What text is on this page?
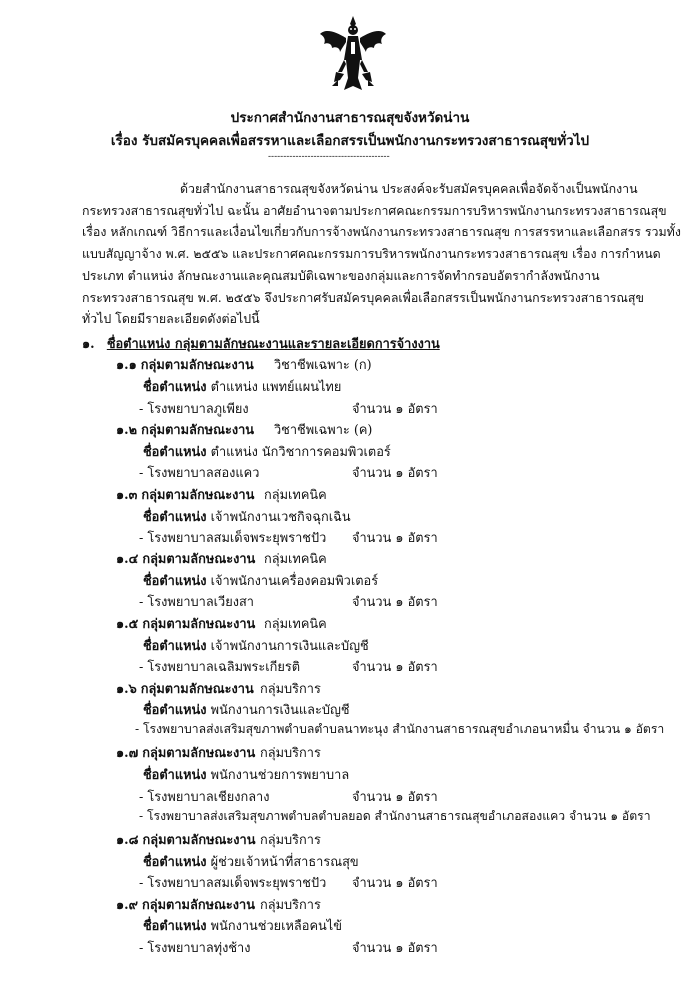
ประกาศสำนักงานสาธารณสุขจังหวัดน่าน
เรื่อง รับสมัครบุคคลเพื่อสรรหาและเลือกสรรเป็นพนักงานกระทรวงสาธารณสุขทั่วไป
----------------------------------------

ด้วยสำนักงานสาธารณสุขจังหวัดน่าน ประสงค์จะรับสมัครบุคคลเพื่อจัดจ้างเป็นพนักงาน

กระทรวงสาธารณสุขทั่วไป ฉะนั้น อาศัยอำนาจตามประกาศคณะกรรมการบริหารพนักงานกระทรวงสาธารณสุข

เรื่อง หลักเกณฑ์ วิธีการและเงื่อนไขเกี่ยวกับการจ้างพนักงานกระทรวงสาธารณสุข การสรรหาและเลือกสรร รวมทั้ง

แบบสัญญาจ้าง พ.ศ. ๒๕๕๖ และประกาศคณะกรรมการบริหารพนักงานกระทรวงสาธารณสุข เรื่อง การกำหนด

ประเภท ตำแหน่ง ลักษณะงานและคุณสมบัติเฉพาะของกลุ่มและการจัดทำกรอบอัตรากำลังพนักงาน

กระทรวงสาธารณสุข พ.ศ. ๒๕๕๖ จึงประกาศรับสมัครบุคคลเพื่อเลือกสรรเป็นพนักงานกระทรวงสาธารณสุข

ทั่วไป โดยมีรายละเอียดดังต่อไปนี้

๑. ชื่อตำแหน่ง กลุ่มตามลักษณะงานและรายละเอียดการจ้างงาน
๑.๑ กลุ่มตามลักษณะงาน วิชาชีพเฉพาะ (ก)
ชื่อตำแหน่ง ตำแหน่ง แพทย์แผนไทย
- โรงพยาบาลภูเพียง	จำนวน ๑ อัตรา
๑.๒ กลุ่มตามลักษณะงาน วิชาชีพเฉพาะ (ค)
ชื่อตำแหน่ง ตำแหน่ง นักวิชาการคอมพิวเตอร์
- โรงพยาบาลสองแคว	จำนวน ๑ อัตรา
๑.๓ กลุ่มตามลักษณะงาน กลุ่มเทคนิค
ชื่อตำแหน่ง เจ้าพนักงานเวชกิจฉุกเฉิน
- โรงพยาบาลสมเด็จพระยุพราชปัว จำนวน ๑ อัตรา
๑.๔ กลุ่มตามลักษณะงาน กลุ่มเทคนิค
ชื่อตำแหน่ง เจ้าพนักงานเครื่องคอมพิวเตอร์
- โรงพยาบาลเวียงสา	จำนวน ๑ อัตรา
๑.๕ กลุ่มตามลักษณะงาน กลุ่มเทคนิค
ชื่อตำแหน่ง เจ้าพนักงานการเงินและบัญชี
- โรงพยาบาลเฉลิมพระเกียรติ	จำนวน ๑ อัตรา
๑.๖ กลุ่มตามลักษณะงาน กลุ่มบริการ
ชื่อตำแหน่ง พนักงานการเงินและบัญชี
- โรงพยาบาลส่งเสริมสุขภาพตำบลตำบลนาทะนุง สำนักงานสาธารณสุขอำเภอนาหมื่น จำนวน ๑ อัตรา
๑.๗ กลุ่มตามลักษณะงาน กลุ่มบริการ
ชื่อตำแหน่ง พนักงานช่วยการพยาบาล
- โรงพยาบาลเชียงกลาง	จำนวน ๑ อัตรา
- โรงพยาบาลส่งเสริมสุขภาพตำบลตำบลยอด สำนักงานสาธารณสุขอำเภอสองแคว จำนวน ๑ อัตรา
๑.๘ กลุ่มตามลักษณะงาน กลุ่มบริการ
ชื่อตำแหน่ง ผู้ช่วยเจ้าหน้าที่สาธารณสุข
- โรงพยาบาลสมเด็จพระยุพราชปัว จำนวน ๑ อัตรา
๑.๙ กลุ่มตามลักษณะงาน กลุ่มบริการ
ชื่อตำแหน่ง พนักงานช่วยเหลือคนไข้
- โรงพยาบาลทุ่งช้าง	จำนวน ๑ อัตรา
